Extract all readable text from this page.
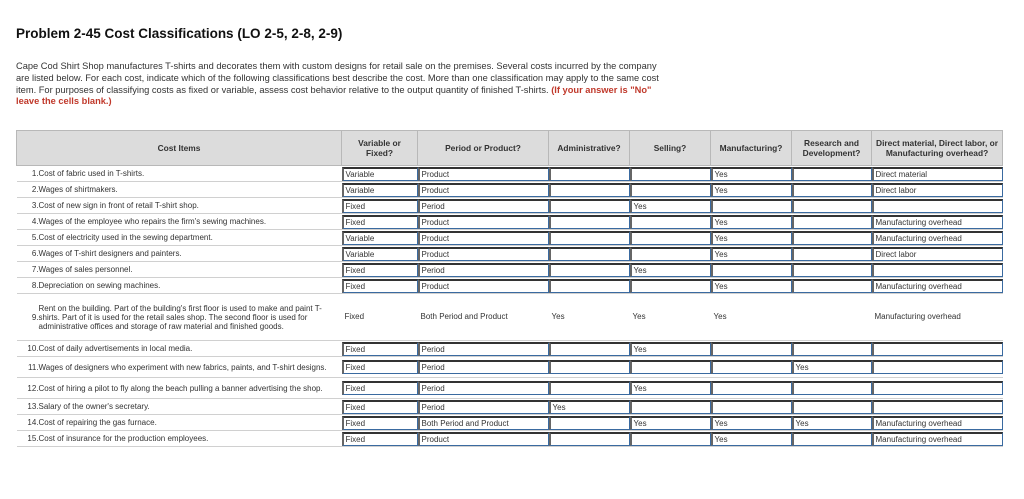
Problem 2-45 Cost Classifications (LO 2-5, 2-8, 2-9)
Cape Cod Shirt Shop manufactures T-shirts and decorates them with custom designs for retail sale on the premises. Several costs incurred by the company are listed below. For each cost, indicate which of the following classifications best describe the cost. More than one classification may apply to the same cost item. For purposes of classifying costs as fixed or variable, assess cost behavior relative to the output quantity of finished T-shirts. (If your answer is "No" leave the cells blank.)
Cost Items		Variable or Fixed?	Period or Product?	Administrative?	Selling?	Manufacturing?	Research and Development?	Direct material, Direct labor, or Manufacturing overhead?
1.	Cost of fabric used in T-shirts.	Variable	Product			Yes		Direct material

2.	Wages of shirtmakers.	Variable	Product			Yes		Direct labor

3.	Cost of new sign in front of retail T-shirt shop.	Fixed	Period		Yes			

4.	Wages of the employee who repairs the firm's sewing machines.	Fixed	Product			Yes		Manufacturing overhead

5.	Cost of electricity used in the sewing department.	Variable	Product			Yes		Manufacturing overhead

6.	Wages of T-shirt designers and painters.	Variable	Product			Yes		Direct labor

7.	Wages of sales personnel.	Fixed	Period		Yes			

8.	Depreciation on sewing machines.	Fixed	Product			Yes		Manufacturing overhead

9.	Rent on the building. Part of the building's first floor is used to make and paint T-shirts. Part of it is used for the retail sales shop. The second floor is used for administrative offices and storage of raw material and finished goods.	Fixed	Both Period and Product	Yes	Yes	Yes		Manufacturing overhead

10.	Cost of daily advertisements in local media.	Fixed	Period		Yes			

11.	Wages of designers who experiment with new fabrics, paints, and T-shirt designs.	Fixed	Period				Yes	

12.	Cost of hiring a pilot to fly along the beach pulling a banner advertising the shop.	Fixed	Period		Yes			

13.	Salary of the owner's secretary.	Fixed	Period	Yes				

14.	Cost of repairing the gas furnace.	Fixed	Both Period and Product		Yes	Yes	Yes	Manufacturing overhead

15.	Cost of insurance for the production employees.	Fixed	Product			Yes		Manufacturing overhead
